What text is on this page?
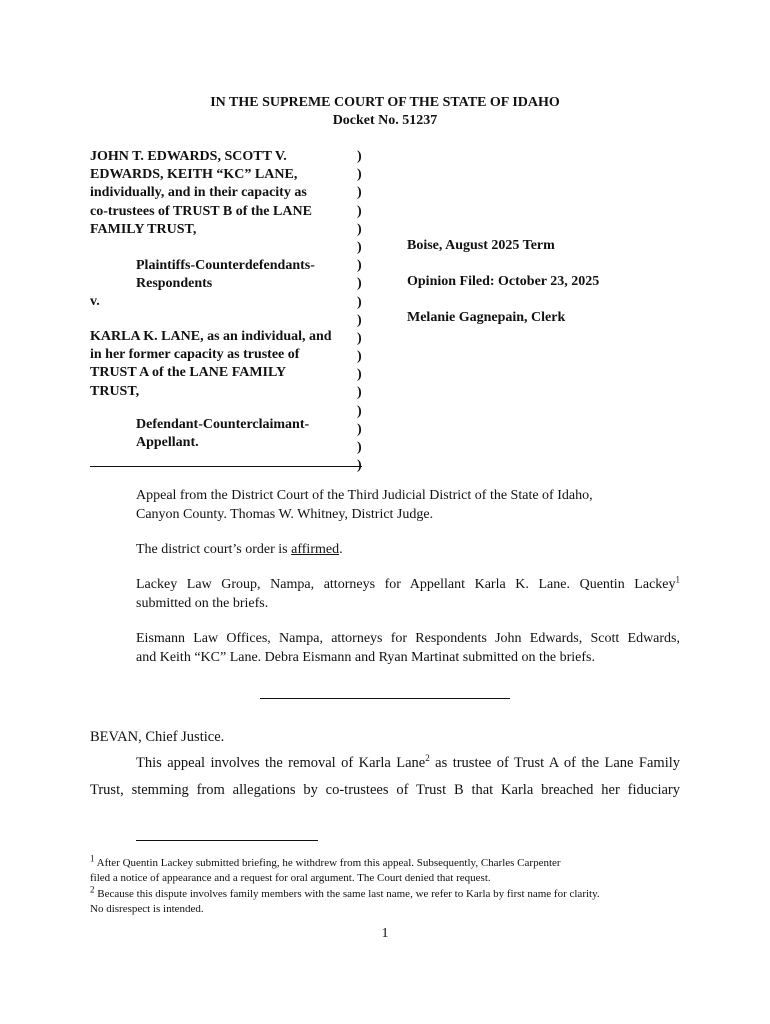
IN THE SUPREME COURT OF THE STATE OF IDAHO
Docket No. 51237
JOHN T. EDWARDS, SCOTT V.
EDWARDS, KEITH “KC” LANE,
individually, and in their capacity as
co-trustees of TRUST B of the LANE
FAMILY TRUST,
Plaintiffs-Counterdefendants-
Respondents
v.
KARLA K. LANE, as an individual, and
in her former capacity as trustee of
TRUST A of the LANE FAMILY
TRUST,
Defendant-Counterclaimant-
Appellant.
)
)
)
)
)
)
)
)
)
)
)
)
)
)
)
)
)
)
Boise, August 2025 Term
Opinion Filed: October 23, 2025
Melanie Gagnepain, Clerk
Appeal from the District Court of the Third Judicial District of the State of Idaho,
Canyon County. Thomas W. Whitney, District Judge.
The district court’s order is affirmed.
Lackey Law Group, Nampa, attorneys for Appellant Karla K. Lane. Quentin Lackey$^1$
submitted on the briefs.
Eismann Law Offices, Nampa, attorneys for Respondents John Edwards, Scott Edwards,
and Keith “KC” Lane. Debra Eismann and Ryan Martinat submitted on the briefs.
BEVAN, Chief Justice.
This appeal involves the removal of Karla Lane$^2$ as trustee of Trust A of the Lane Family
Trust, stemming from allegations by co-trustees of Trust B that Karla breached her fiduciary
$^1$ After Quentin Lackey submitted briefing, he withdrew from this appeal. Subsequently, Charles Carpenter
filed a notice of appearance and a request for oral argument. The Court denied that request.
$^2$ Because this dispute involves family members with the same last name, we refer to Karla by first name for clarity.
No disrespect is intended.
1
